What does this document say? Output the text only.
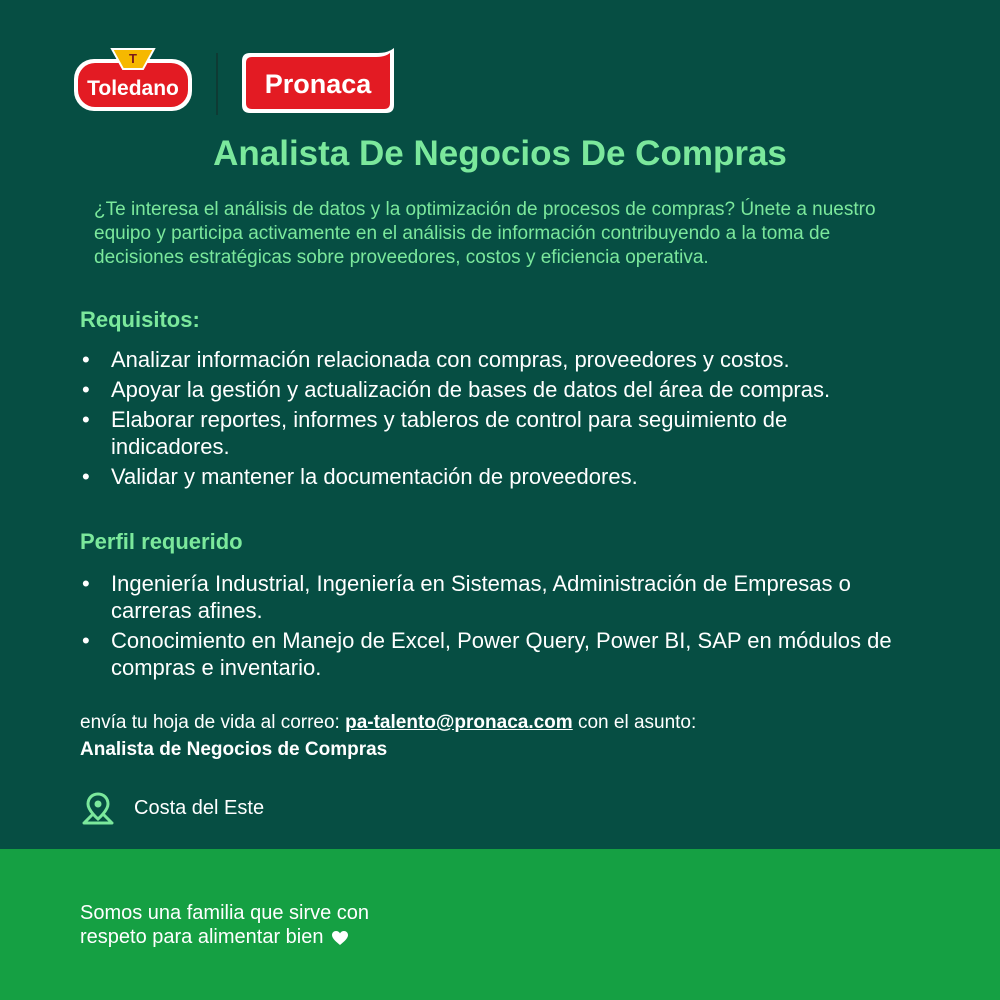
T
Toledano	Pronaca
Analista De Negocios De Compras
¿Te interesa el análisis de datos y la optimización de procesos de compras? Únete a nuestro equipo y participa activamente en el análisis de información contribuyendo a la toma de decisiones estratégicas sobre proveedores, costos y eficiencia operativa.
Requisitos:
• Analizar información relacionada con compras, proveedores y costos.
• Apoyar la gestión y actualización de bases de datos del área de compras.
• Elaborar reportes, informes y tableros de control para seguimiento de indicadores.
• Validar y mantener la documentación de proveedores.
Perfil requerido
• Ingeniería Industrial, Ingeniería en Sistemas, Administración de Empresas o carreras afines.
• Conocimiento en Manejo de Excel, Power Query, Power BI, SAP en módulos de compras e inventario.
envía tu hoja de vida al correo: pa-talento@pronaca.com con el asunto:
Analista de Negocios de Compras
Costa del Este
Somos una familia que sirve con
respeto para alimentar bien
